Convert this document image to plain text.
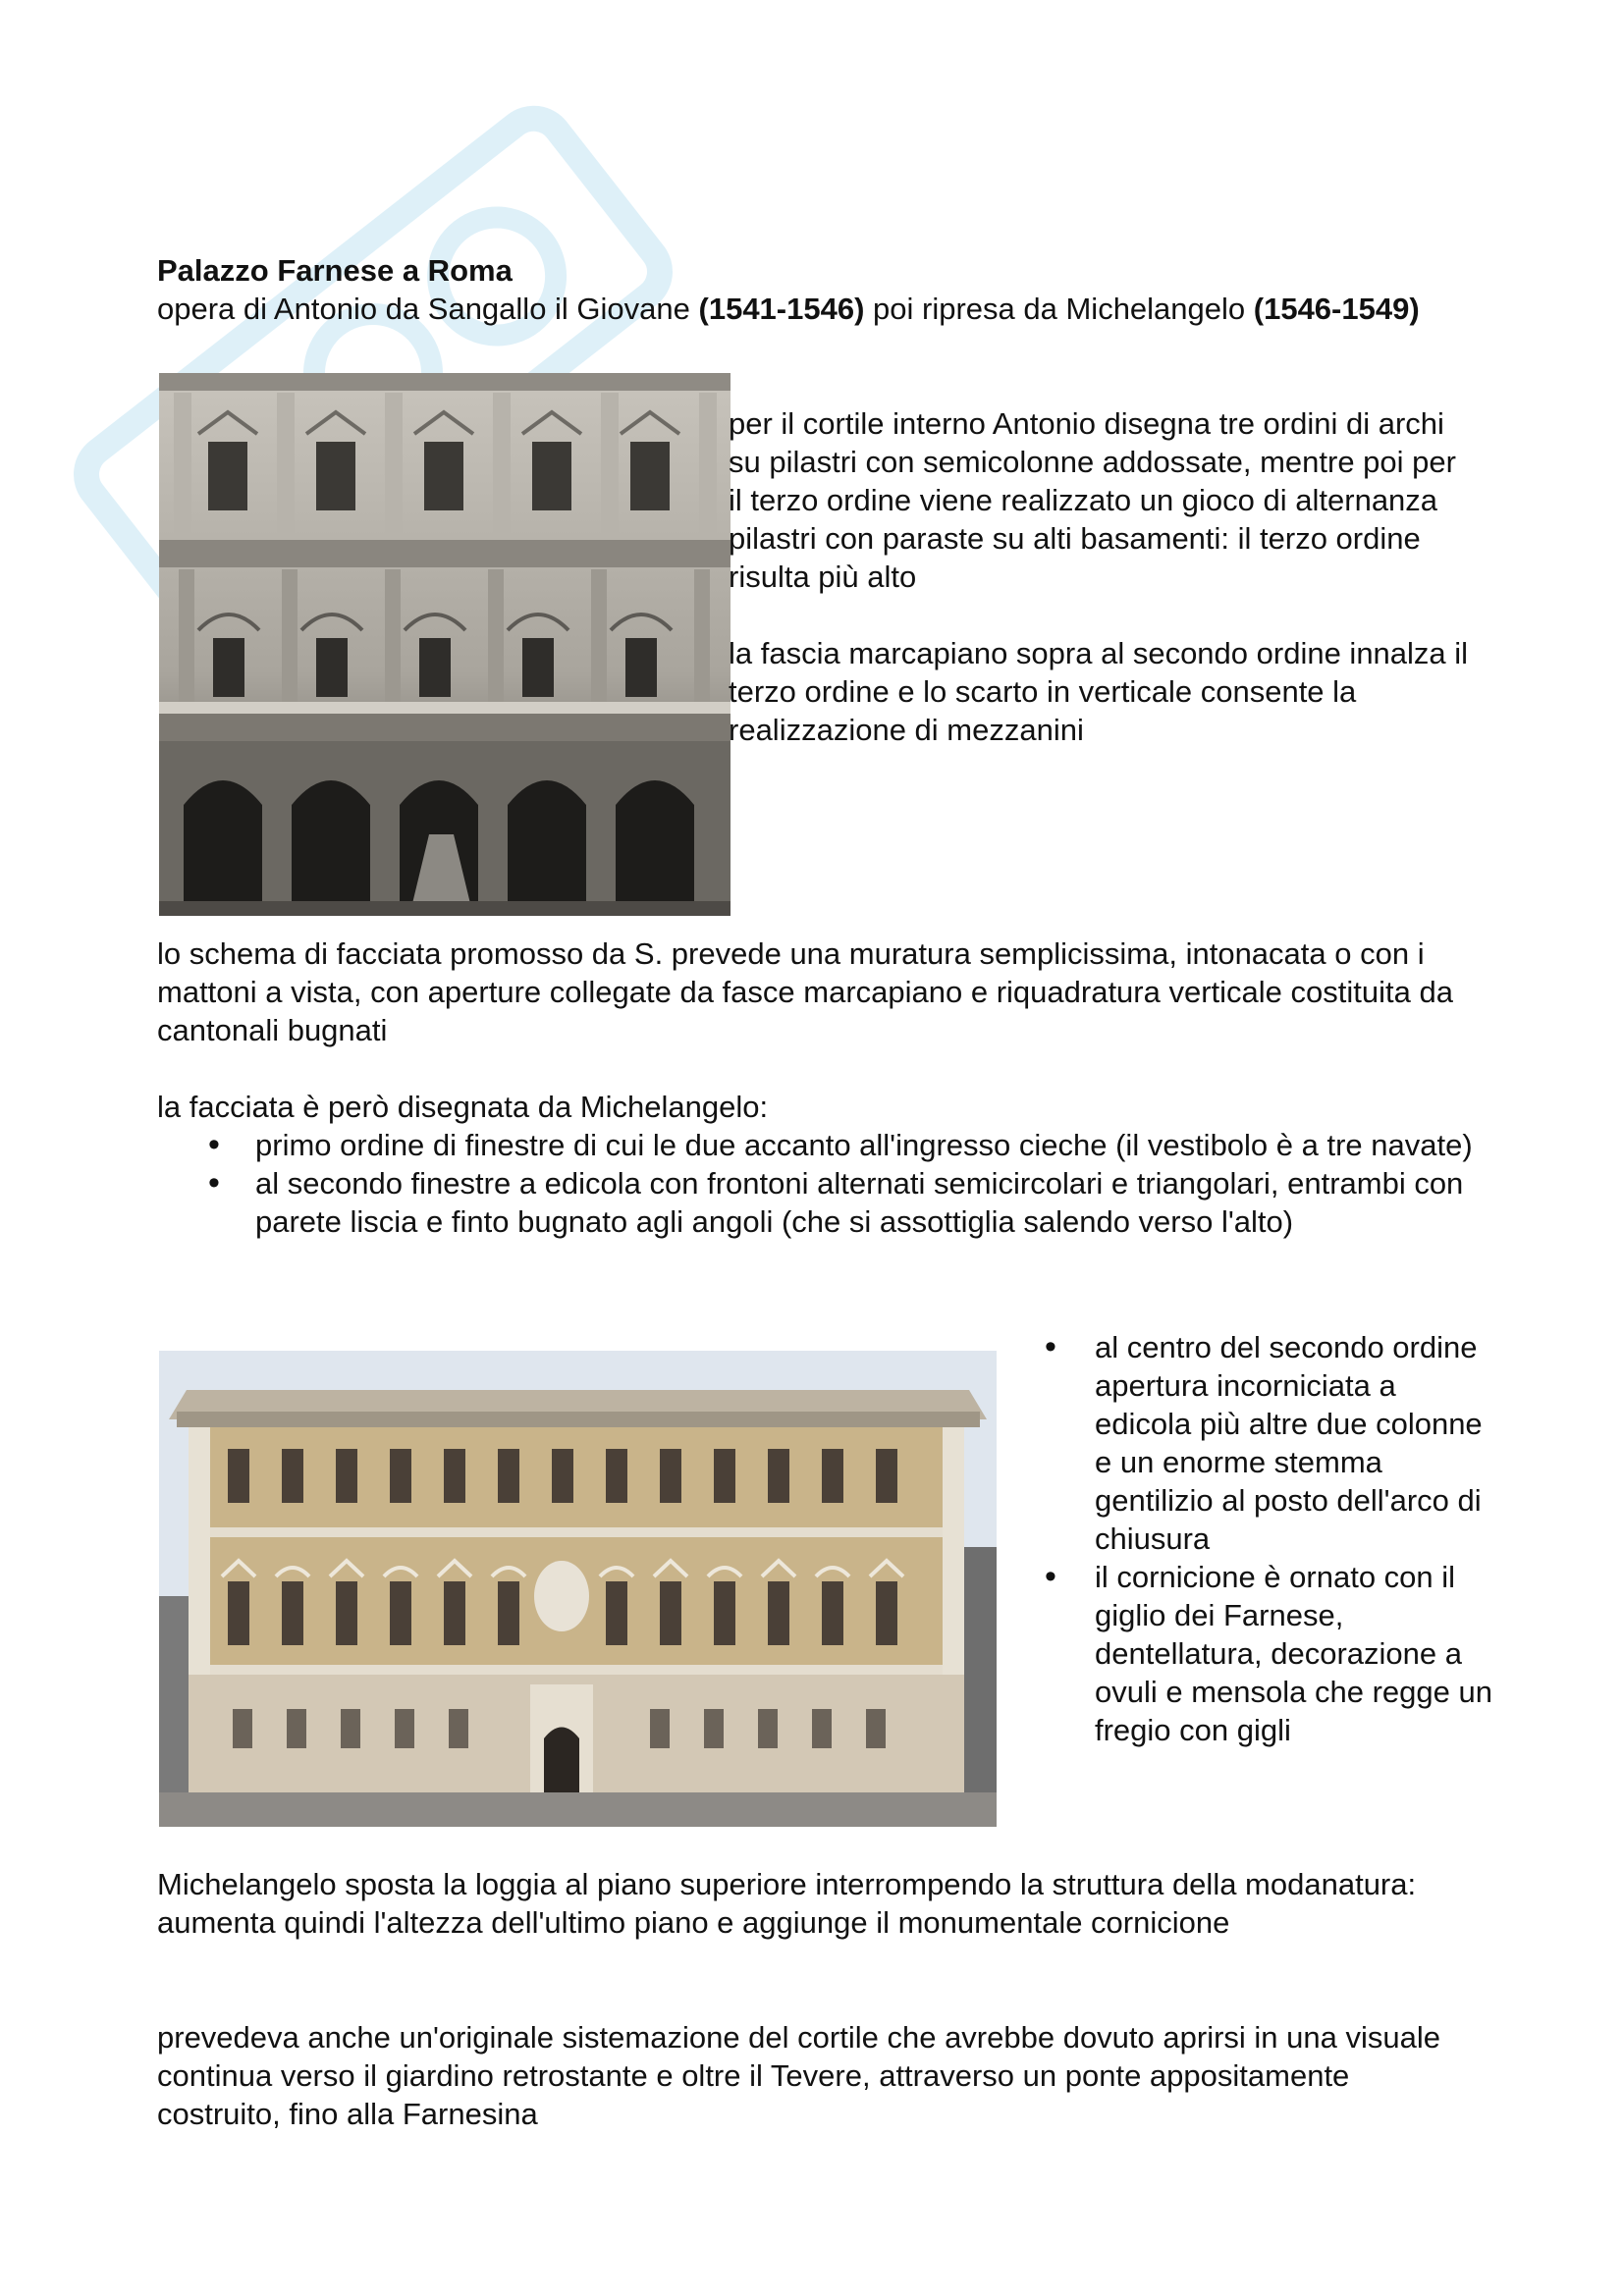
Palazzo Farnese a Roma
opera di Antonio da Sangallo il Giovane (1541-1546) poi ripresa da Michelangelo (1546-1549)

per il cortile interno Antonio disegna tre ordini di archi su pilastri con semicolonne addossate, mentre poi per il terzo ordine viene realizzato un gioco di alternanza pilastri con paraste su alti basamenti: il terzo ordine risulta più alto

la fascia marcapiano sopra al secondo ordine innalza il terzo ordine e lo scarto in verticale consente la realizzazione di mezzanini

lo schema di facciata promosso da S. prevede una muratura semplicissima, intonacata o con i mattoni a vista, con aperture collegate da fasce marcapiano e riquadratura verticale costituita da cantonali bugnati

la facciata è però disegnata da Michelangelo:

• primo ordine di finestre di cui le due accanto all'ingresso cieche (il vestibolo è a tre navate)
• al secondo finestre a edicola con frontoni alternati semicircolari e triangolari, entrambi con parete liscia e finto bugnato agli angoli (che si assottiglia salendo verso l'alto)
• al centro del secondo ordine apertura incorniciata a edicola più altre due colonne e un enorme stemma gentilizio al posto dell'arco di chiusura
• il cornicione è ornato con il giglio dei Farnese, dentellatura, decorazione a ovuli e mensola che regge un fregio con gigli

Michelangelo sposta la loggia al piano superiore interrompendo la struttura della modanatura: aumenta quindi l'altezza dell'ultimo piano e aggiunge il monumentale cornicione

prevedeva anche un'originale sistemazione del cortile che avrebbe dovuto aprirsi in una visuale continua verso il giardino retrostante e oltre il Tevere, attraverso un ponte appositamente costruito, fino alla Farnesina
